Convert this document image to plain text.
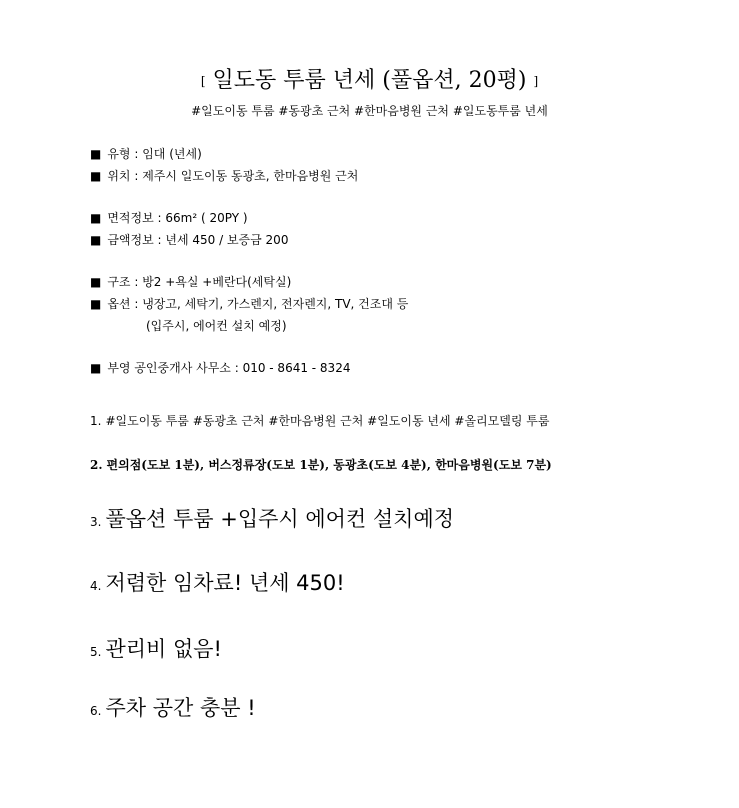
[ 일도동 투룸 년세 (풀옵션, 20평) ]
#일도이동 투룸 #동광초 근처 #한마음병원 근처 #일도동투룸 년세
■ 유형 : 임대 (년세)
■ 위치 : 제주시 일도이동 동광초, 한마음병원 근처
■ 면적정보 : 66m² ( 20PY )
■ 금액정보 : 년세 450 / 보증금 200
■ 구조 : 방2 +욕실 +베란다(세탁실)
■ 옵션 : 냉장고, 세탁기, 가스렌지, 전자렌지, TV, 건조대 등
(입주시, 에어컨 설치 예정)
■ 부영 공인중개사 사무소 : 010 - 8641 - 8324
1. #일도이동 투룸 #동광초 근처 #한마음병원 근처 #일도이동 년세 #올리모델링 투룸
2. 편의점(도보 1분), 버스정류장(도보 1분), 동광초(도보 4분), 한마음병원(도보 7분)
3. 풀옵션 투룸 +입주시 에어컨 설치예정
4. 저렴한 임차료! 년세 450!
5. 관리비 없음!
6. 주차 공간 충분 !
